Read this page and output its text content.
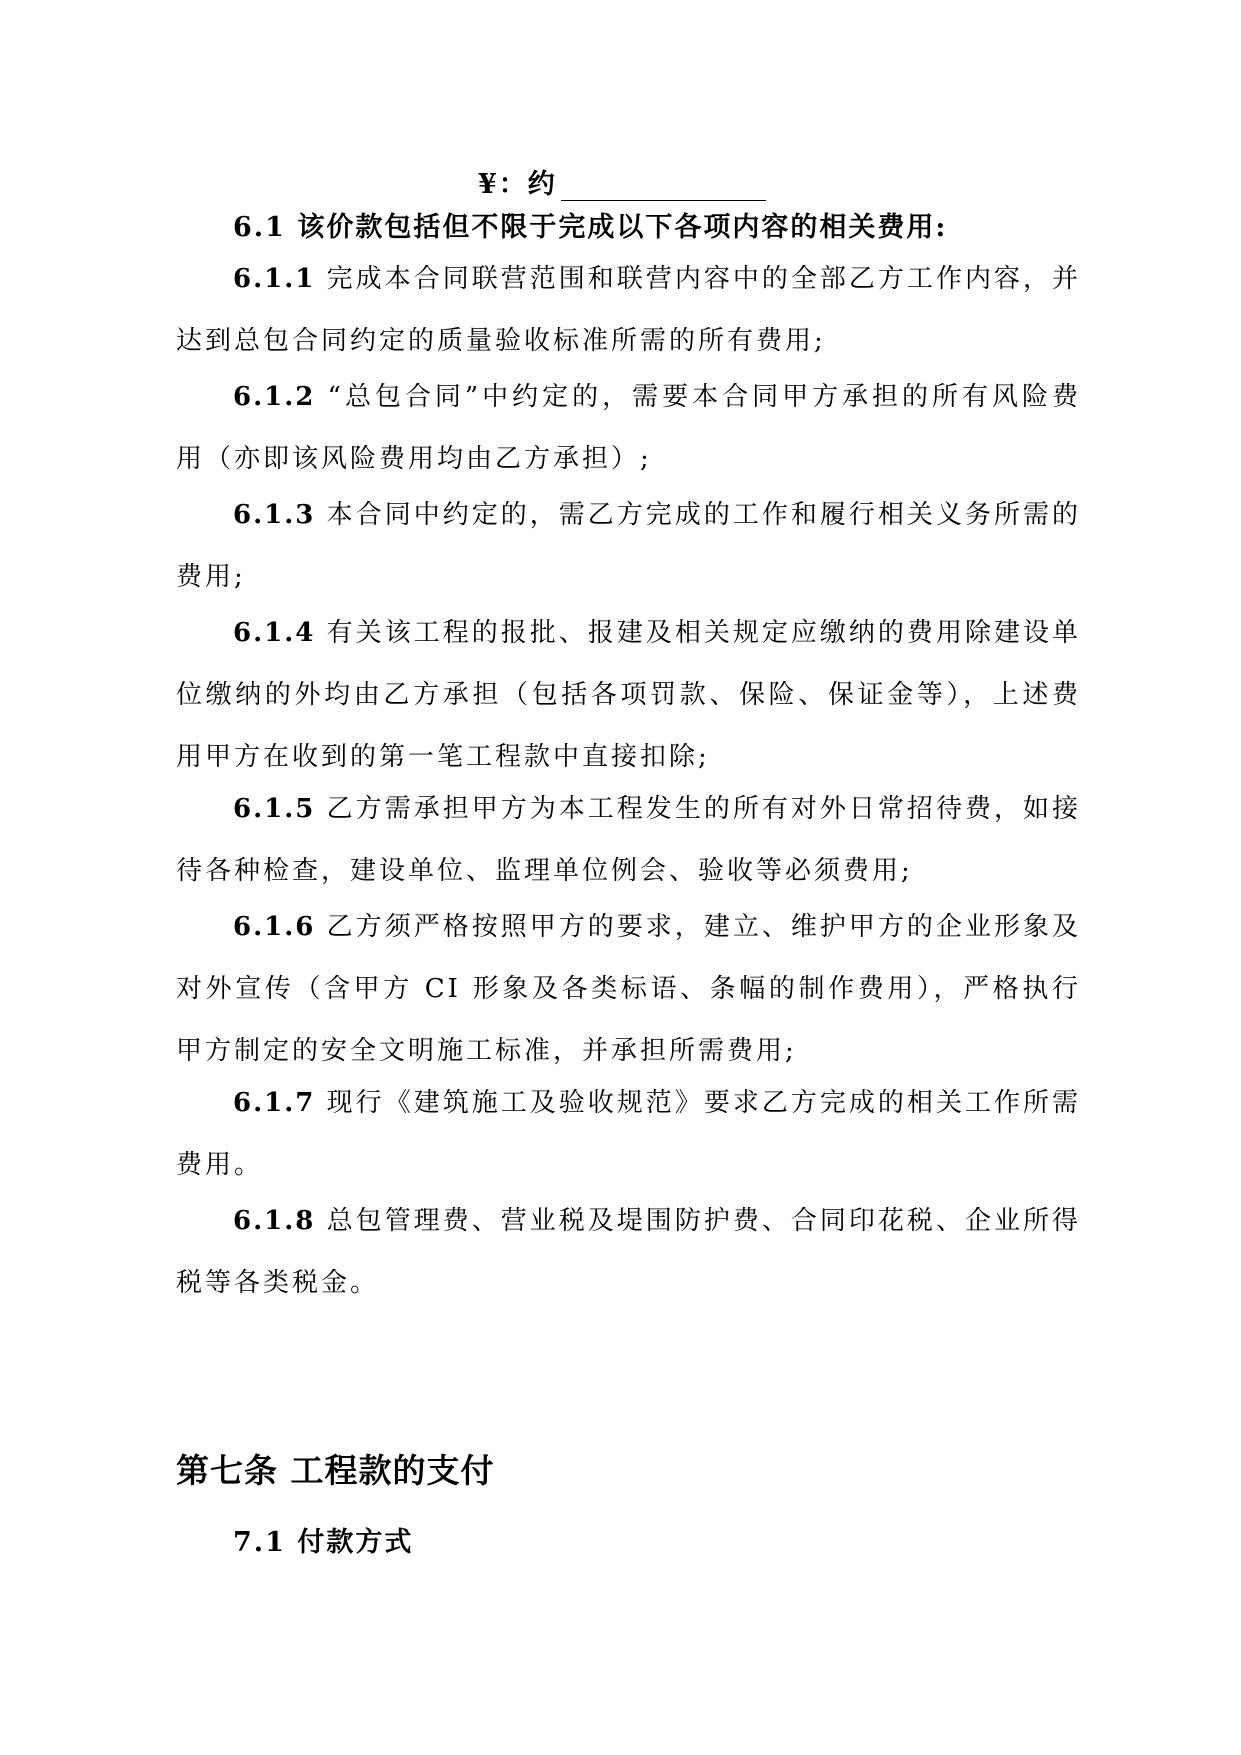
¥：约
6.1 该价款包括但不限于完成以下各项内容的相关费用:
6.1.1 完成本合同联营范围和联营内容中的全部乙方工作内容，并达到总包合同约定的质量验收标准所需的所有费用;
6.1.2 “总包合同”中约定的，需要本合同甲方承担的所有风险费用（亦即该风险费用均由乙方承担）;
6.1.3 本合同中约定的，需乙方完成的工作和履行相关义务所需的费用;
6.1.4 有关该工程的报批、报建及相关规定应缴纳的费用除建设单位缴纳的外均由乙方承担（包括各项罚款、保险、保证金等），上述费用甲方在收到的第一笔工程款中直接扣除;
6.1.5 乙方需承担甲方为本工程发生的所有对外日常招待费，如接待各种检查，建设单位、监理单位例会、验收等必须费用;
6.1.6 乙方须严格按照甲方的要求，建立、维护甲方的企业形象及对外宣传（含甲方 CI 形象及各类标语、条幅的制作费用），严格执行甲方制定的安全文明施工标准，并承担所需费用;
6.1.7 现行《建筑施工及验收规范》要求乙方完成的相关工作所需费用。
6.1.8 总包管理费、营业税及堤围防护费、合同印花税、企业所得税等各类税金。
第七条 工程款的支付
7.1 付款方式
